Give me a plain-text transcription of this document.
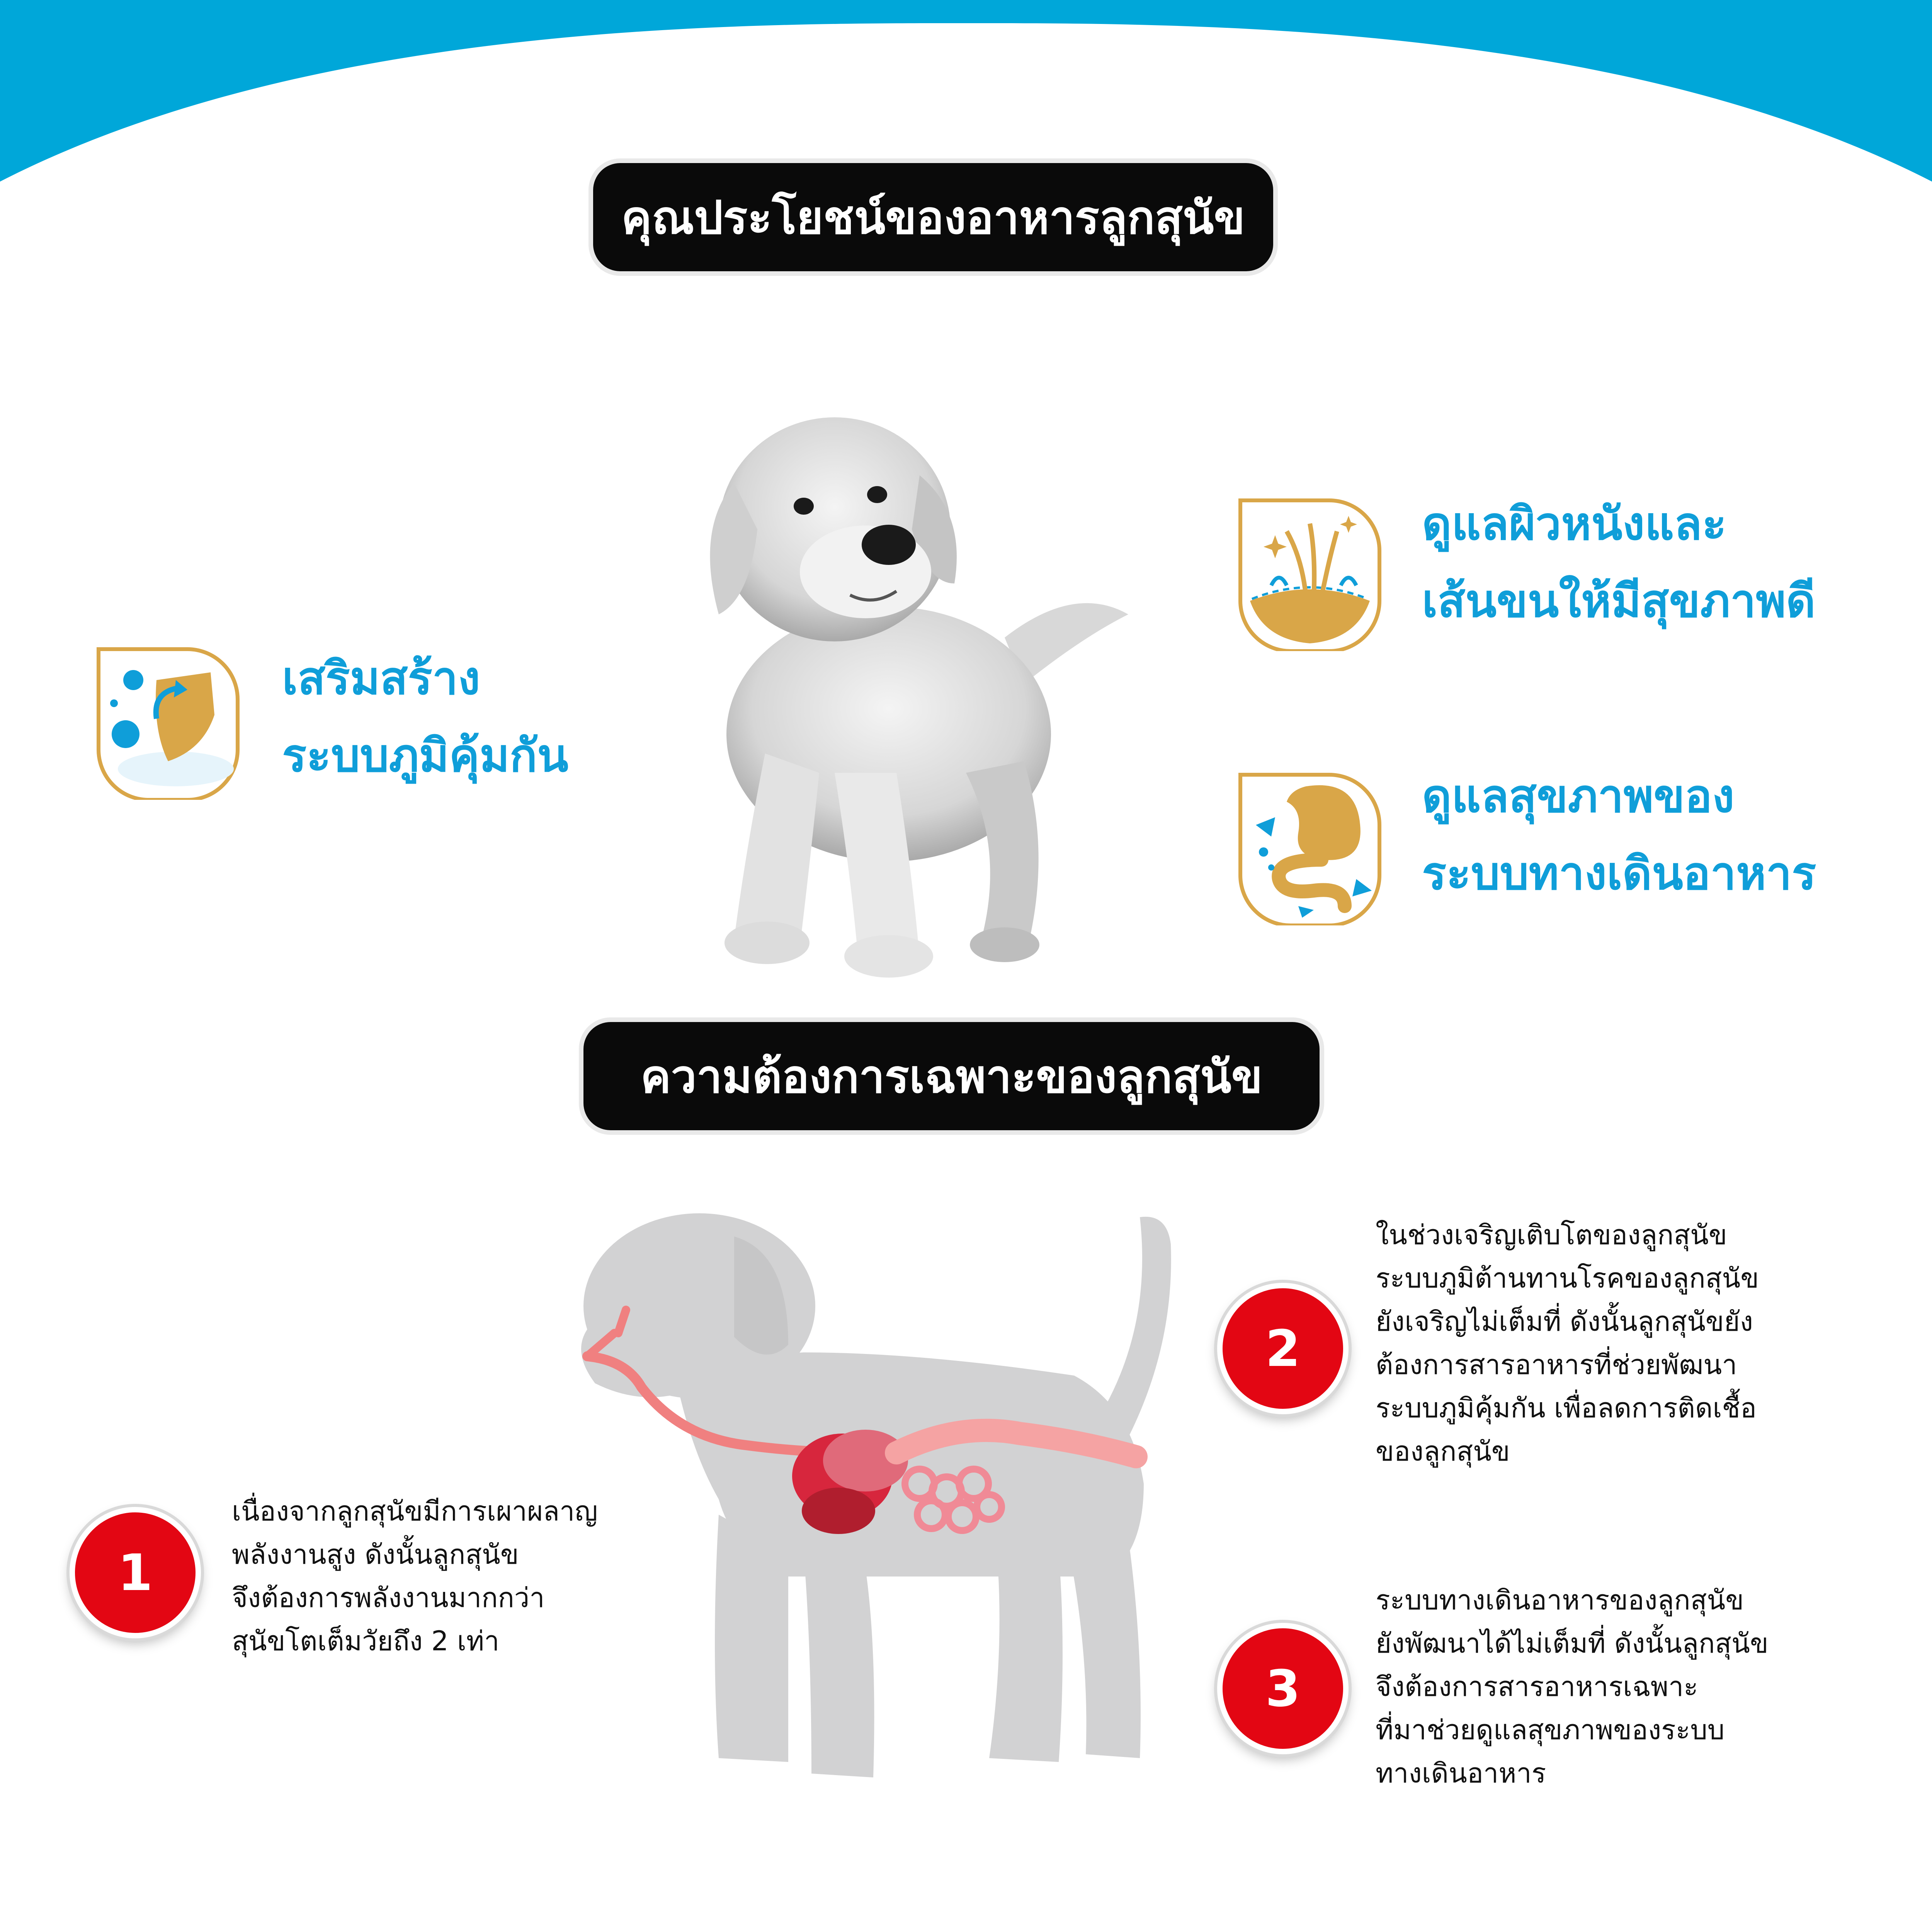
คุณประโยชน์ของอาหารลูกสุนัข
ความต้องการเฉพาะของลูกสุนัข
เสริมสร้าง
ระบบภูมิคุ้มกัน
ดูแลผิวหนังและ
เส้นขนให้มีสุขภาพดี
ดูแลสุขภาพของ
ระบบทางเดินอาหาร
1
2
3
เนื่องจากลูกสุนัขมีการเผาผลาญ
พลังงานสูง ดังนั้นลูกสุนัข
จึงต้องการพลังงานมากกว่า
สุนัขโตเต็มวัยถึง 2 เท่า
ในช่วงเจริญเติบโตของลูกสุนัข
ระบบภูมิต้านทานโรคของลูกสุนัข
ยังเจริญไม่เต็มที่ ดังนั้นลูกสุนัขยัง
ต้องการสารอาหารที่ช่วยพัฒนา
ระบบภูมิคุ้มกัน เพื่อลดการติดเชื้อ
ของลูกสุนัข
ระบบทางเดินอาหารของลูกสุนัข
ยังพัฒนาได้ไม่เต็มที่ ดังนั้นลูกสุนัข
จึงต้องการสารอาหารเฉพาะ
ที่มาช่วยดูแลสุขภาพของระบบ
ทางเดินอาหาร
